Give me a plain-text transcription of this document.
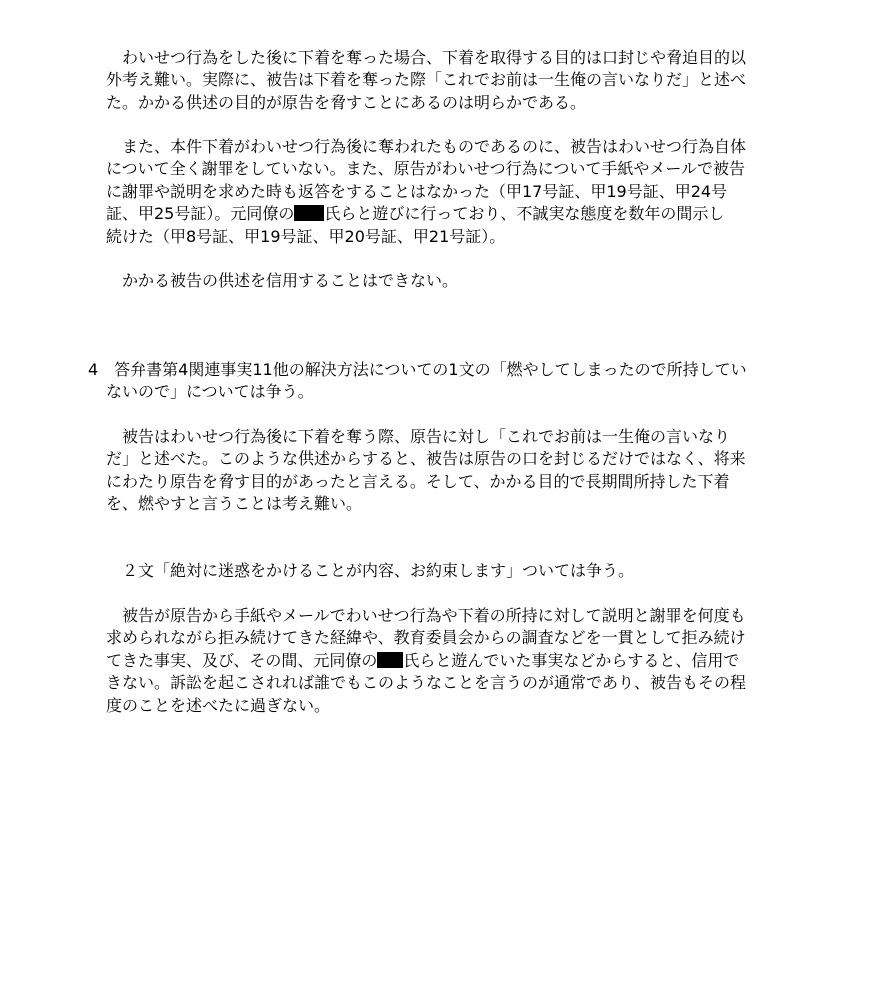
　わいせつ行為をした後に下着を奪った場合、下着を取得する目的は口封じや脅迫目的以
外考え難い。実際に、被告は下着を奪った際「これでお前は一生俺の言いなりだ」と述べ
た。かかる供述の目的が原告を脅すことにあるのは明らかである。
　また、本件下着がわいせつ行為後に奪われたものであるのに、被告はわいせつ行為自体
について全く謝罪をしていない。また、原告がわいせつ行為について手紙やメールで被告
に謝罪や説明を求めた時も返答をすることはなかった（甲17号証、甲19号証、甲24号
証、甲25号証）。元同僚の 氏らと遊びに行っており、不誠実な態度を数年の間示し
続けた（甲8号証、甲19号証、甲20号証、甲21号証）。
　かかる被告の供述を信用することはできない。
4　答弁書第4関連事実11他の解決方法についての1文の「燃やしてしまったので所持してい
ないので」については争う。
　被告はわいせつ行為後に下着を奪う際、原告に対し「これでお前は一生俺の言いなり
だ」と述べた。このような供述からすると、被告は原告の口を封じるだけではなく、将来
にわたり原告を脅す目的があったと言える。そして、かかる目的で長期間所持した下着
を、燃やすと言うことは考え難い。
　２文「絶対に迷惑をかけることが内容、お約束します」ついては争う。
　被告が原告から手紙やメールでわいせつ行為や下着の所持に対して説明と謝罪を何度も
求められながら拒み続けてきた経緯や、教育委員会からの調査などを一貫として拒み続け
てきた事実、及び、その間、元同僚の 氏らと遊んでいた事実などからすると、信用で
きない。訴訟を起こされれば誰でもこのようなことを言うのが通常であり、被告もその程
度のことを述べたに過ぎない。
